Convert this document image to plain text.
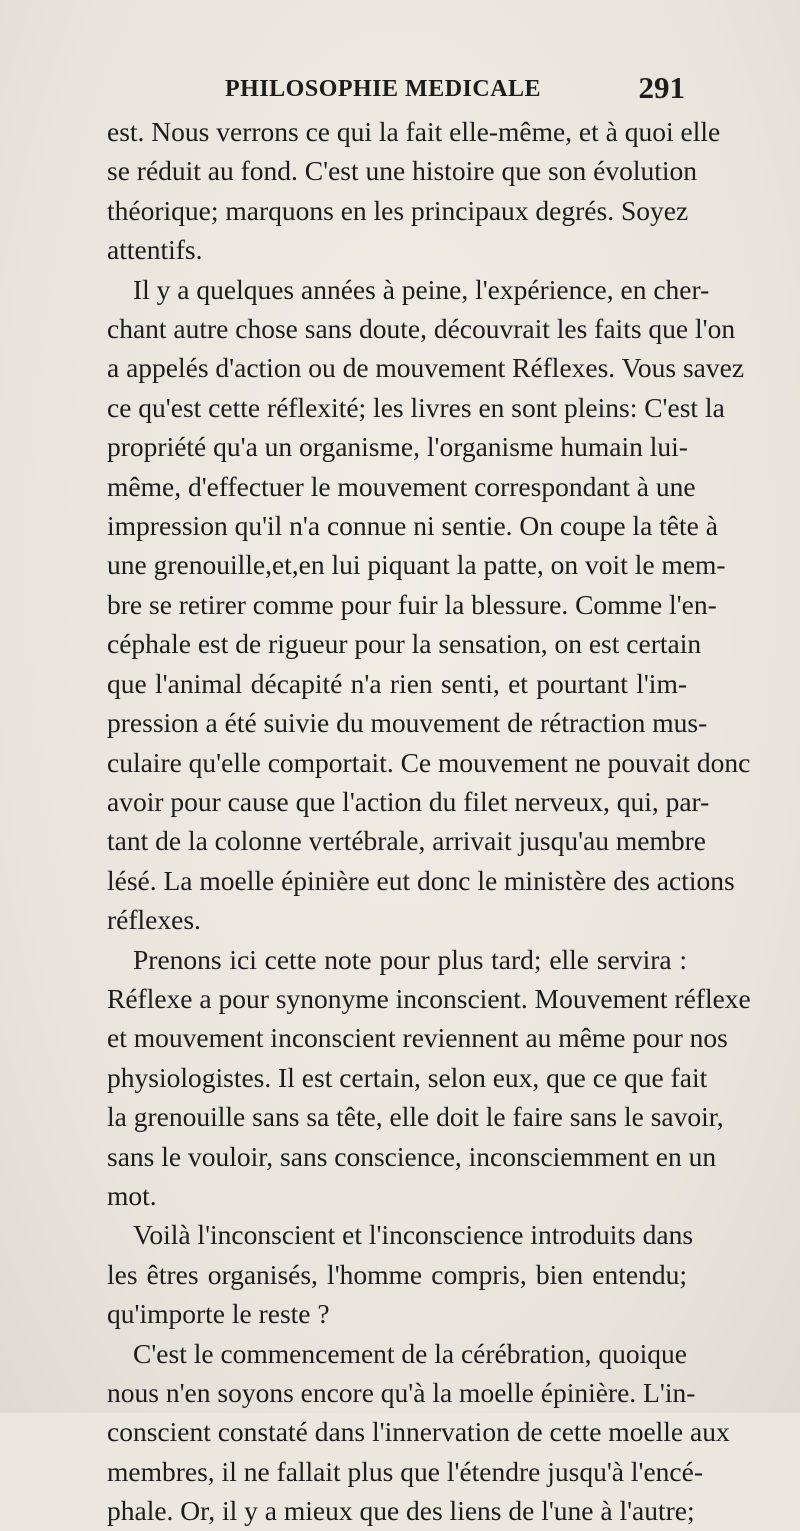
PHILOSOPHIE MEDICALE	291

est. Nous verrons ce qui la fait elle-même, et à quoi elle
se réduit au fond. C'est une histoire que son évolution
théorique; marquons en les principaux degrés. Soyez
attentifs.

Il y a quelques années à peine, l'expérience, en cher-
chant autre chose sans doute, découvrait les faits que l'on
a appelés d'action ou de mouvement Réflexes. Vous savez
ce qu'est cette réflexité; les livres en sont pleins: C'est la
propriété qu'a un organisme, l'organisme humain lui-
même, d'effectuer le mouvement correspondant à une
impression qu'il n'a connue ni sentie. On coupe la tête à
une grenouille,et,en lui piquant la patte, on voit le mem-
bre se retirer comme pour fuir la blessure. Comme l'en-
céphale est de rigueur pour la sensation, on est certain
que l'animal décapité n'a rien senti, et pourtant l'im-
pression a été suivie du mouvement de rétraction mus-
culaire qu'elle comportait. Ce mouvement ne pouvait donc
avoir pour cause que l'action du filet nerveux, qui, par-
tant de la colonne vertébrale, arrivait jusqu'au membre
lésé. La moelle épinière eut donc le ministère des actions
réflexes.

Prenons ici cette note pour plus tard; elle servira :
Réflexe a pour synonyme inconscient. Mouvement réflexe
et mouvement inconscient reviennent au même pour nos
physiologistes. Il est certain, selon eux, que ce que fait
la grenouille sans sa tête, elle doit le faire sans le savoir,
sans le vouloir, sans conscience, inconsciemment en un
mot.

Voilà l'inconscient et l'inconscience introduits dans
les êtres organisés, l'homme compris, bien entendu;
qu'importe le reste ?

C'est le commencement de la cérébration, quoique
nous n'en soyons encore qu'à la moelle épinière. L'in-
conscient constaté dans l'innervation de cette moelle aux
membres, il ne fallait plus que l'étendre jusqu'à l'encé-
phale. Or, il y a mieux que des liens de l'une à l'autre;
